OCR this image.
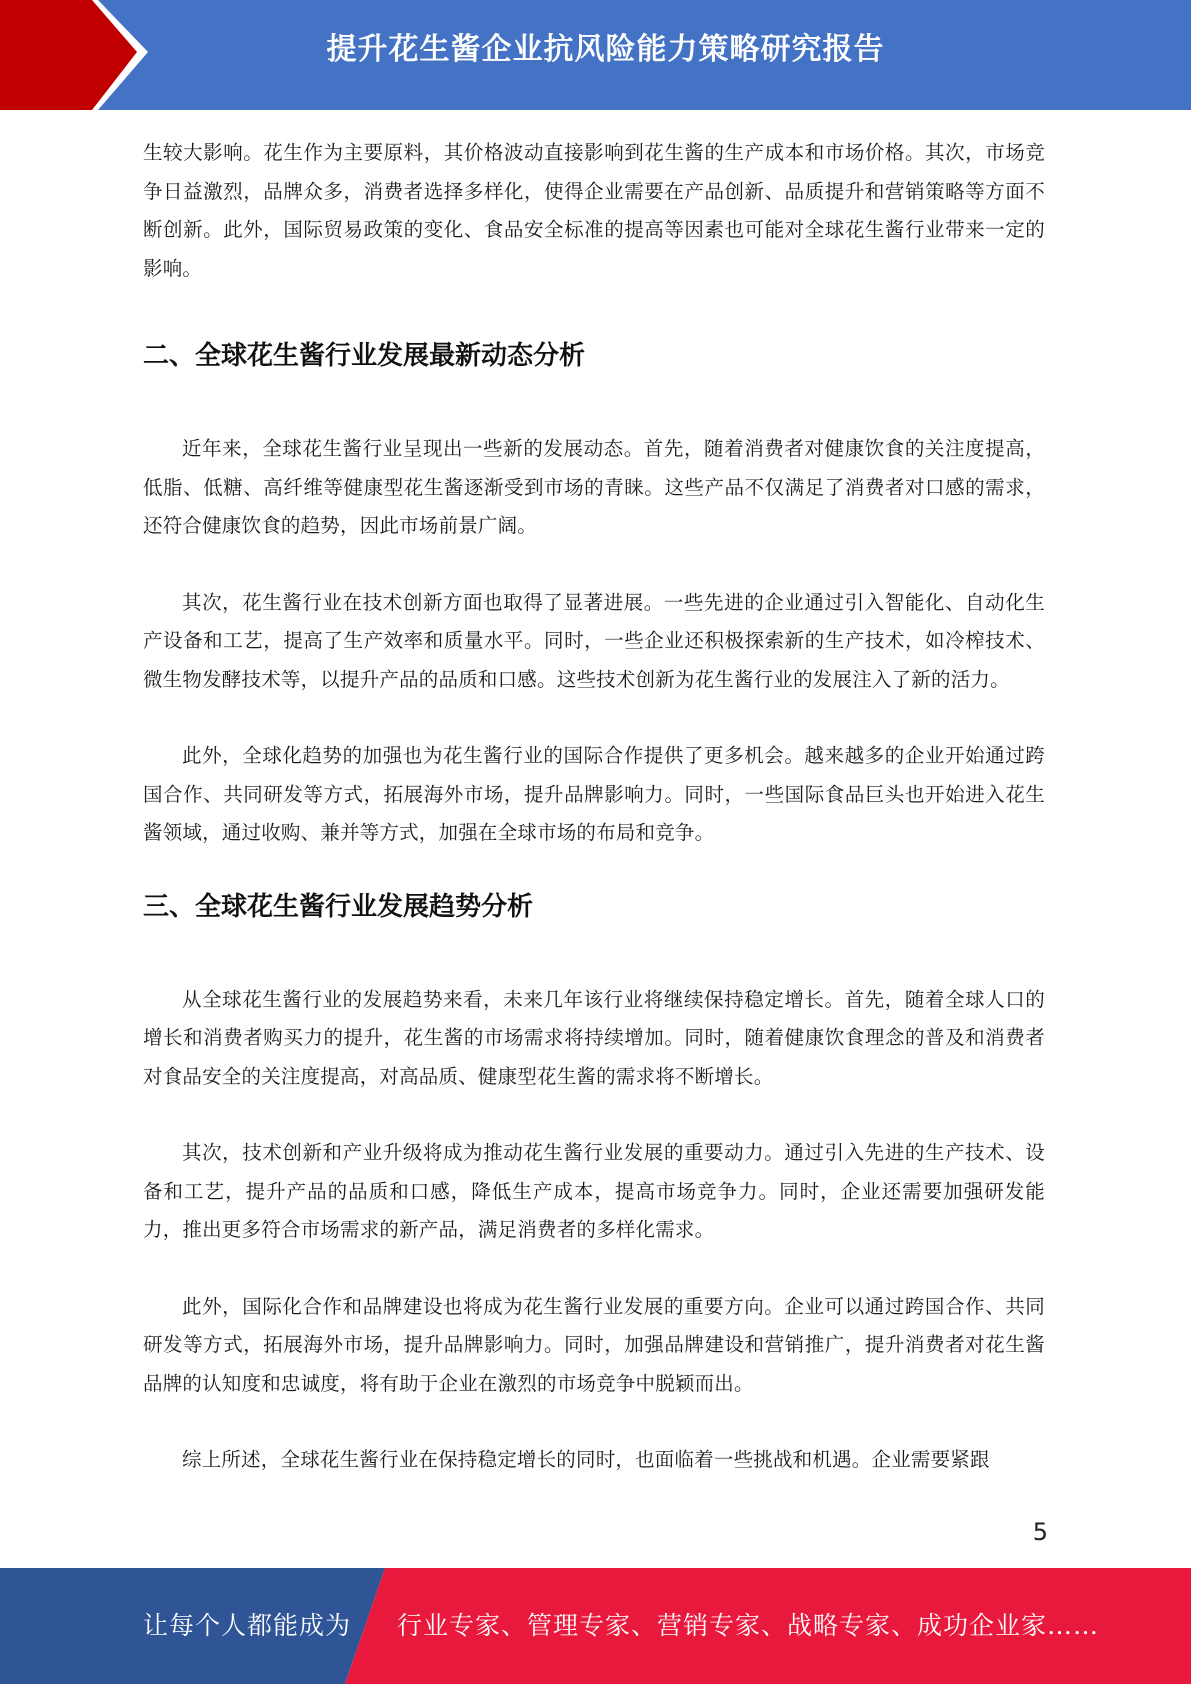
提升花生酱企业抗风险能力策略研究报告

生较大影响。花生作为主要原料，其价格波动直接影响到花生酱的生产成本和市场价格。其次，市场竞争日益激烈，品牌众多，消费者选择多样化，使得企业需要在产品创新、品质提升和营销策略等方面不断创新。此外，国际贸易政策的变化、食品安全标准的提高等因素也可能对全球花生酱行业带来一定的影响。

二、全球花生酱行业发展最新动态分析

近年来，全球花生酱行业呈现出一些新的发展动态。首先，随着消费者对健康饮食的关注度提高，低脂、低糖、高纤维等健康型花生酱逐渐受到市场的青睐。这些产品不仅满足了消费者对口感的需求，还符合健康饮食的趋势，因此市场前景广阔。

其次，花生酱行业在技术创新方面也取得了显著进展。一些先进的企业通过引入智能化、自动化生产设备和工艺，提高了生产效率和质量水平。同时，一些企业还积极探索新的生产技术，如冷榨技术、微生物发酵技术等，以提升产品的品质和口感。这些技术创新为花生酱行业的发展注入了新的活力。

此外，全球化趋势的加强也为花生酱行业的国际合作提供了更多机会。越来越多的企业开始通过跨国合作、共同研发等方式，拓展海外市场，提升品牌影响力。同时，一些国际食品巨头也开始进入花生酱领域，通过收购、兼并等方式，加强在全球市场的布局和竞争。

三、全球花生酱行业发展趋势分析

从全球花生酱行业的发展趋势来看，未来几年该行业将继续保持稳定增长。首先，随着全球人口的增长和消费者购买力的提升，花生酱的市场需求将持续增加。同时，随着健康饮食理念的普及和消费者对食品安全的关注度提高，对高品质、健康型花生酱的需求将不断增长。

其次，技术创新和产业升级将成为推动花生酱行业发展的重要动力。通过引入先进的生产技术、设备和工艺，提升产品的品质和口感，降低生产成本，提高市场竞争力。同时，企业还需要加强研发能力，推出更多符合市场需求的新产品，满足消费者的多样化需求。

此外，国际化合作和品牌建设也将成为花生酱行业发展的重要方向。企业可以通过跨国合作、共同研发等方式，拓展海外市场，提升品牌影响力。同时，加强品牌建设和营销推广，提升消费者对花生酱品牌的认知度和忠诚度，将有助于企业在激烈的市场竞争中脱颖而出。

综上所述，全球花生酱行业在保持稳定增长的同时，也面临着一些挑战和机遇。企业需要紧跟

5
让每个人都能成为 行业专家、管理专家、营销专家、战略专家、成功企业家……
